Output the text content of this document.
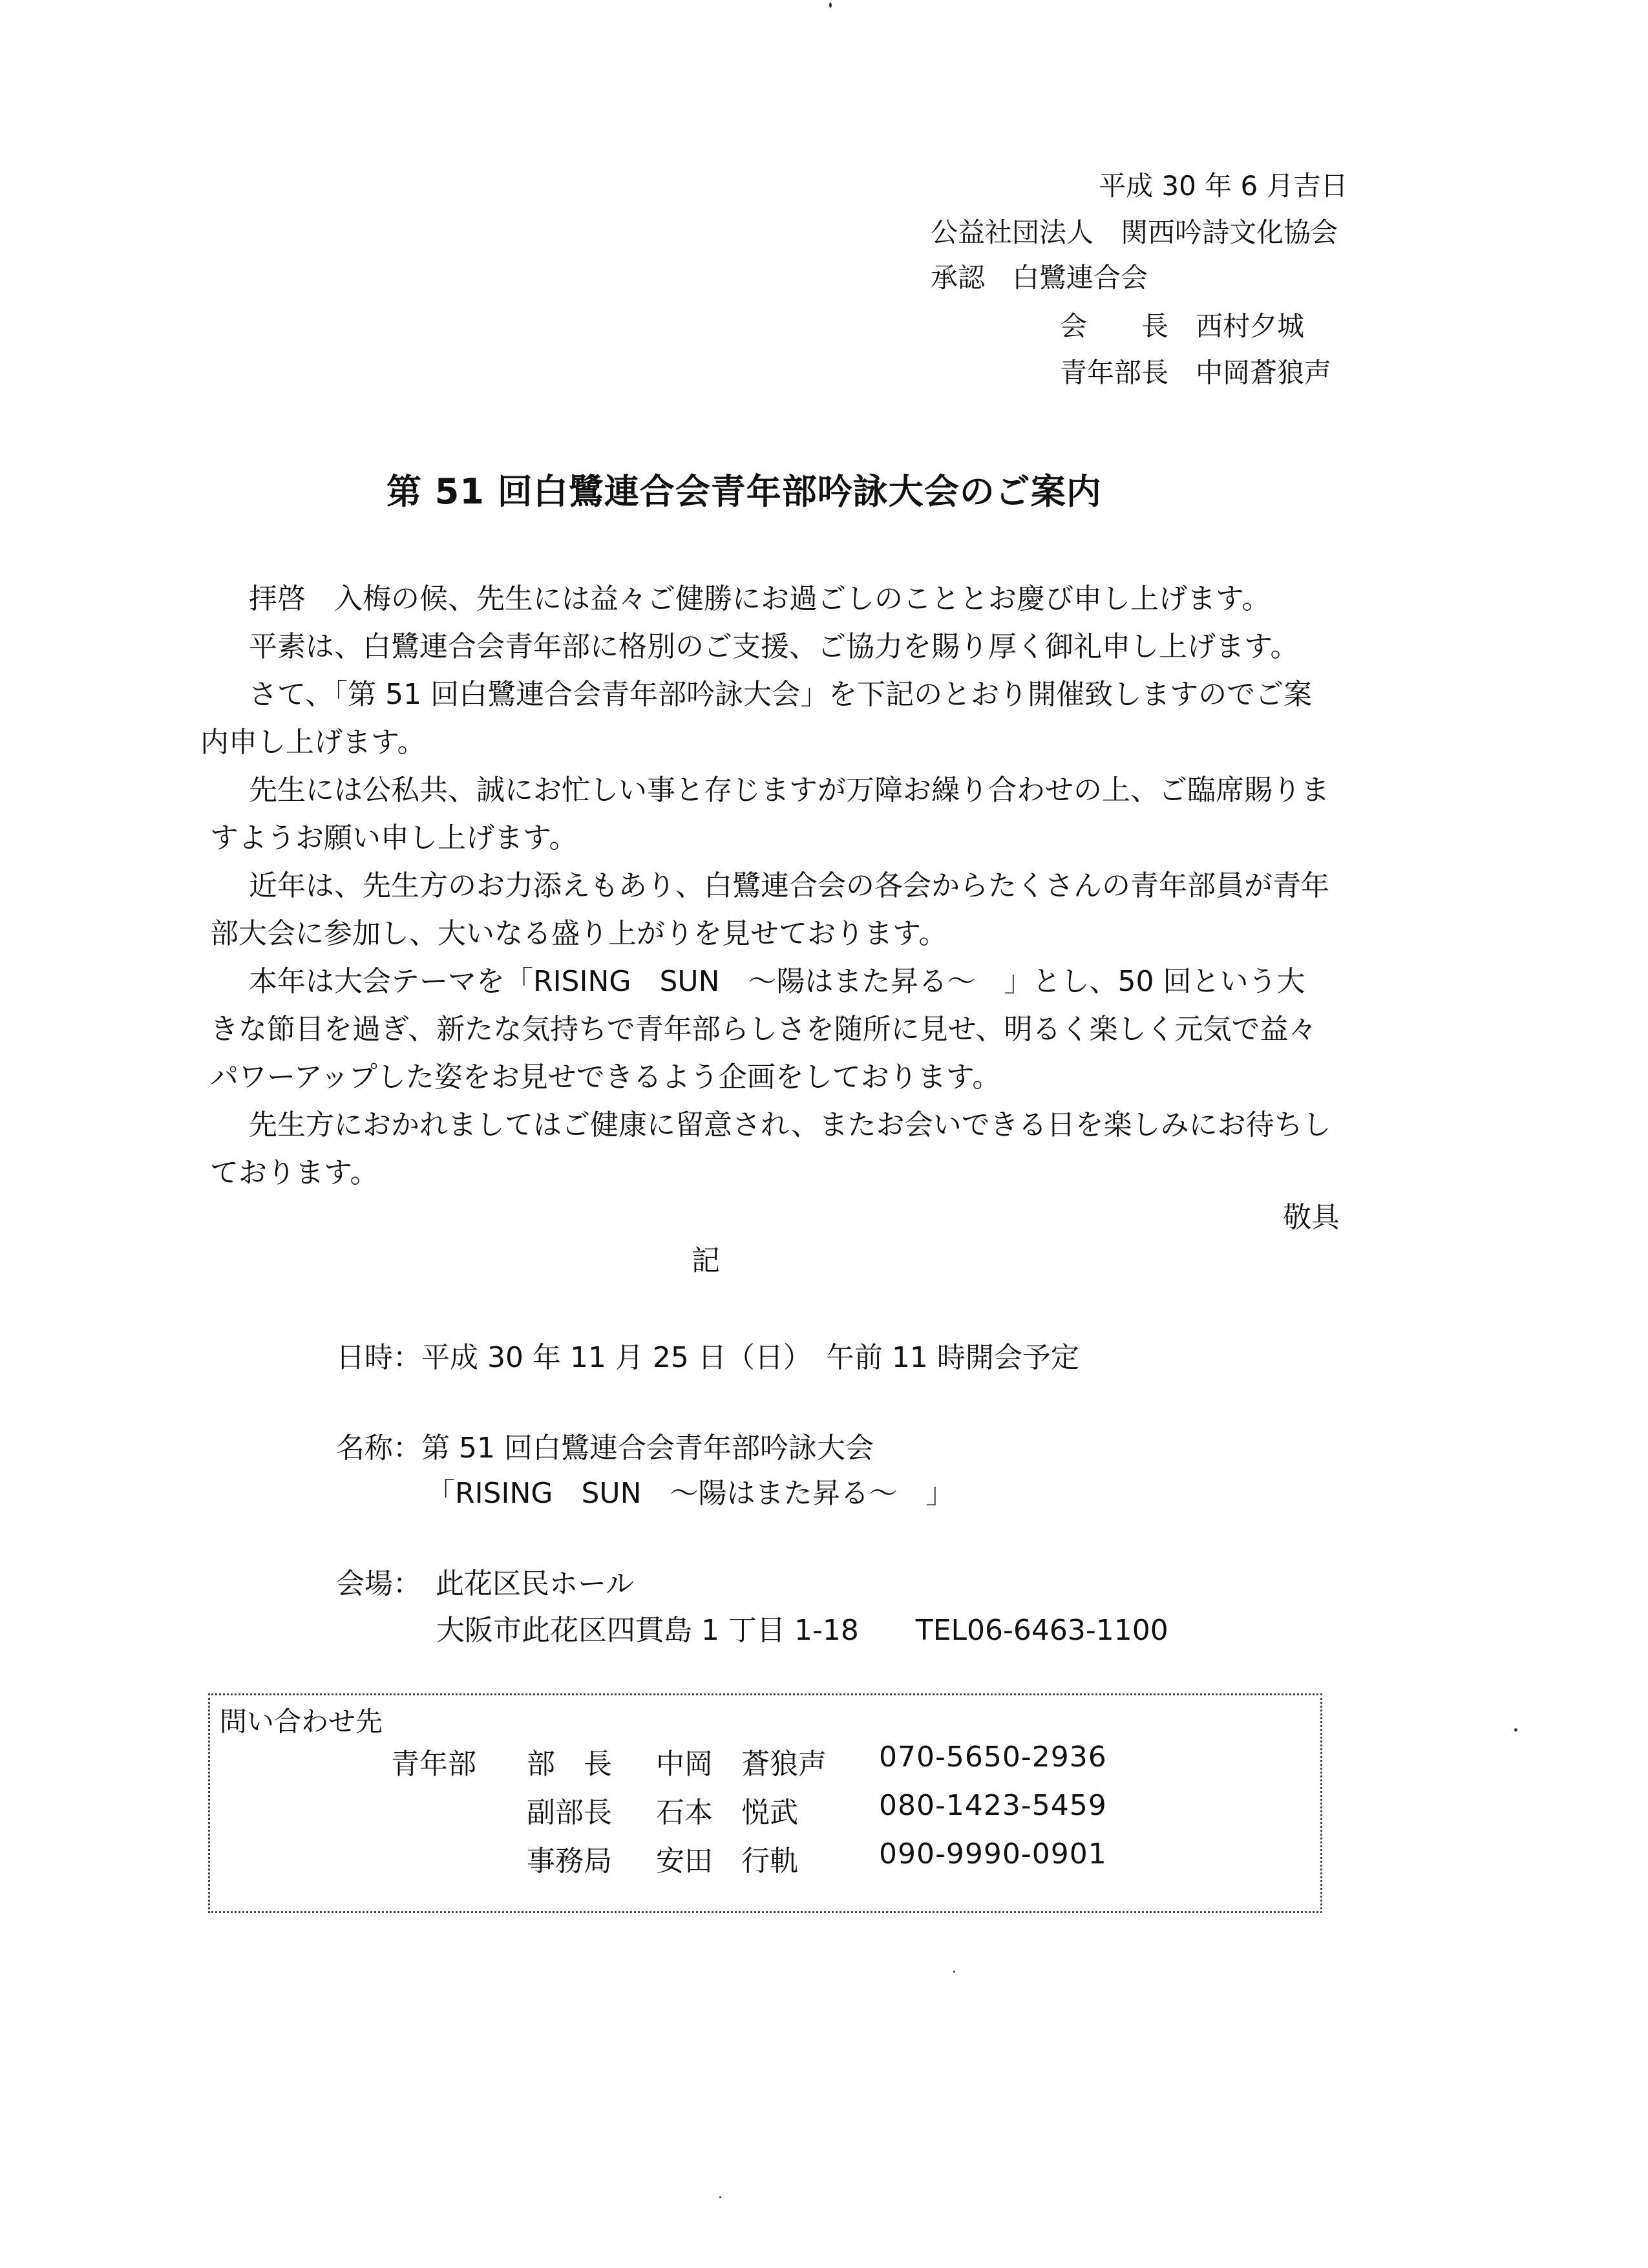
平成 30 年 6 月吉日
公益社団法人　関西吟詩文化協会
承認　白鷺連合会
会　　長　西村夕城
青年部長　中岡蒼狼声
第 51 回白鷺連合会青年部吟詠大会のご案内
拝啓　入梅の候、先生には益々ご健勝にお過ごしのこととお慶び申し上げます。
平素は、白鷺連合会青年部に格別のご支援、ご協力を賜り厚く御礼申し上げます。
さて、「第 51 回白鷺連合会青年部吟詠大会」を下記のとおり開催致しますのでご案
内申し上げます。
先生には公私共、誠にお忙しい事と存じますが万障お繰り合わせの上、ご臨席賜りま
すようお願い申し上げます。
近年は、先生方のお力添えもあり、白鷺連合会の各会からたくさんの青年部員が青年
部大会に参加し、大いなる盛り上がりを見せております。
本年は大会テーマを「RISING　SUN　～陽はまた昇る～　」とし、50 回という大
きな節目を過ぎ、新たな気持ちで青年部らしさを随所に見せ、明るく楽しく元気で益々
パワーアップした姿をお見せできるよう企画をしております。
先生方におかれましてはご健康に留意され、またお会いできる日を楽しみにお待ちし
ております。
敬具
記
日時：平成 30 年 11 月 25 日（日）　午前 11 時開会予定
名称：第 51 回白鷺連合会青年部吟詠大会
「RISING　SUN　～陽はまた昇る～　」
会場：　此花区民ホール
大阪市此花区四貫島 1 丁目 1-18　　TEL06-6463-1100
問い合わせ先
青年部 部　長 中岡　蒼狼声 070-5650-2936
副部長 石本　悦武	080-1423-5459
事務局 安田　行軌	090-9990-0901
